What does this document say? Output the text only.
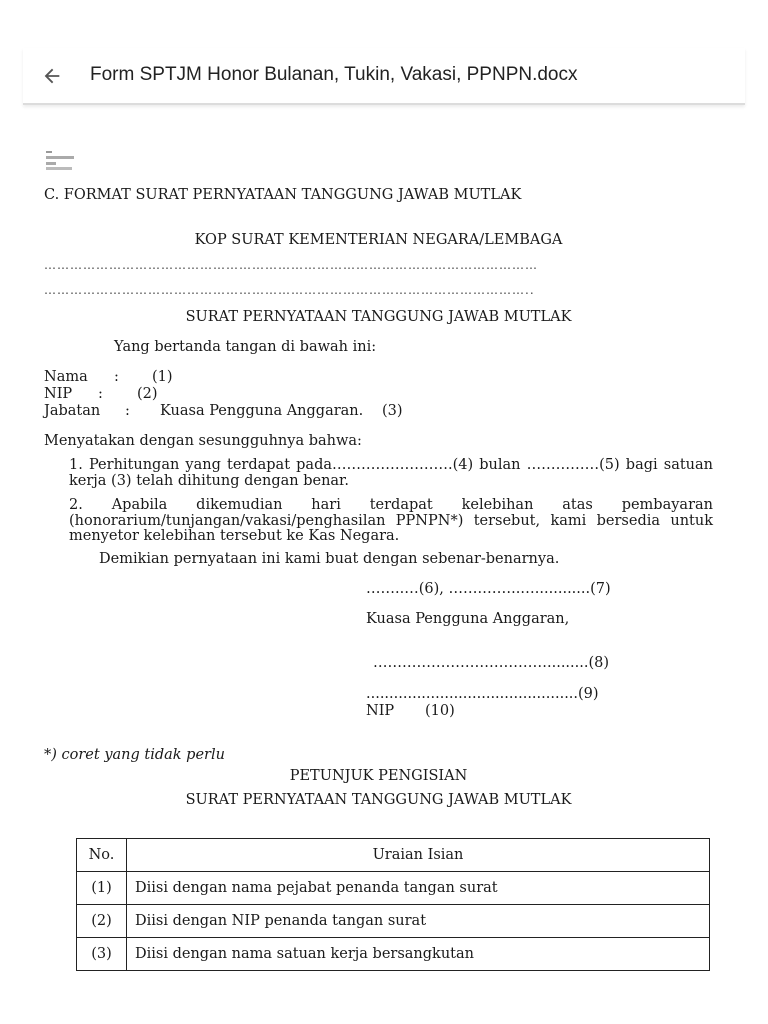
Form SPTJM Honor Bulanan, Tukin, Vakasi, PPNPN.docx
C. FORMAT SURAT PERNYATAAN TANGGUNG JAWAB MUTLAK
KOP SURAT KEMENTERIAN NEGARA/LEMBAGA
……………………………………………………………………………………………………
…………………………………………………………………………………………………..
SURAT PERNYATAAN TANGGUNG JAWAB MUTLAK
Yang bertanda tangan di bawah ini:
Nama : (1)
NIP : (2)
Jabatan : Kuasa Pengguna Anggaran. (3)
Menyatakan dengan sesungguhnya bahwa:
1. Perhitungan yang terdapat pada…………………….(4) bulan ……………(5) bagi satuan
kerja (3) telah dihitung dengan benar.
2. Apabila dikemudian hari terdapat kelebihan atas pembayaran
(honorarium/tunjangan/vakasi/penghasilan PPNPN*) tersebut, kami bersedia untuk
menyetor kelebihan tersebut ke Kas Negara.
Demikian pernyataan ini kami buat dengan sebenar-benarnya.
……..…(6), …….……..…............(7)
Kuasa Pengguna Anggaran,
……………………………….........(8)
..............................................(9)
NIP (10)
*) coret yang tidak perlu
PETUNJUK PENGISIAN
SURAT PERNYATAAN TANGGUNG JAWAB MUTLAK
No.	Uraian Isian
(1)	Diisi dengan nama pejabat penanda tangan surat
(2)	Diisi dengan NIP penanda tangan surat
(3)	Diisi dengan nama satuan kerja bersangkutan
